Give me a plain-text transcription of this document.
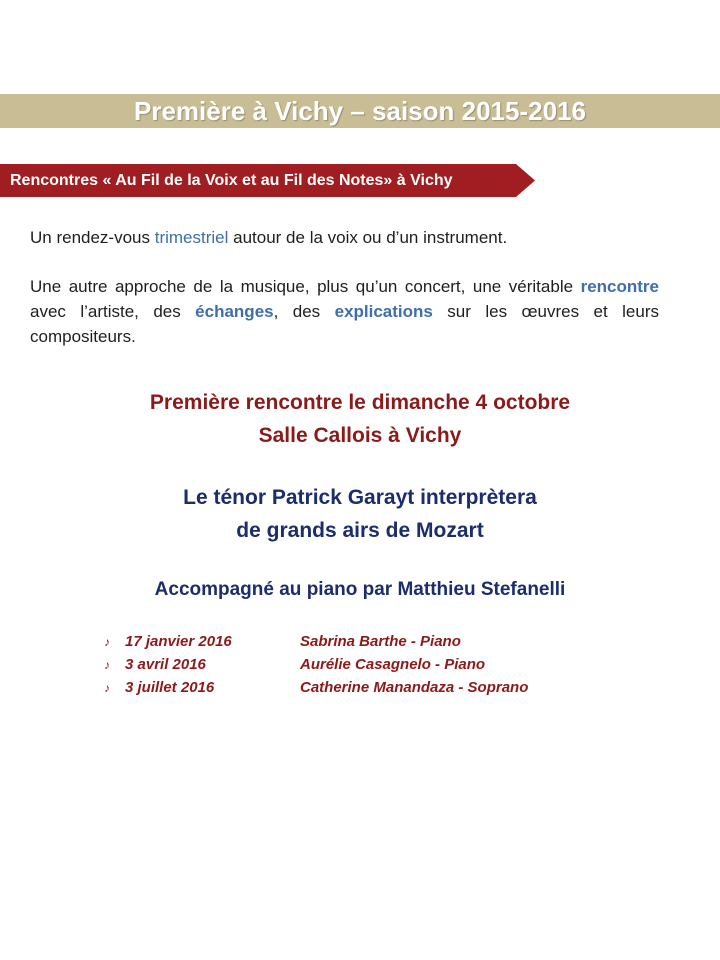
Première à Vichy – saison 2015-2016
Rencontres « Au Fil de la Voix et au Fil des Notes» à Vichy
Un rendez-vous trimestriel autour de la voix ou d’un instrument.
Une autre approche de la musique, plus qu’un concert, une véritable rencontre avec l’artiste, des échanges, des explications sur les œuvres et leurs compositeurs.
Première rencontre le dimanche 4 octobre
Salle Callois à Vichy
Le ténor Patrick Garayt interprètera
de grands airs de Mozart
Accompagné au piano par Matthieu Stefanelli
♪ 17 janvier 2016	Sabrina Barthe - Piano
♪ 3 avril 2016	Aurélie Casagnelo - Piano
♪ 3 juillet 2016	Catherine Manandaza - Soprano
